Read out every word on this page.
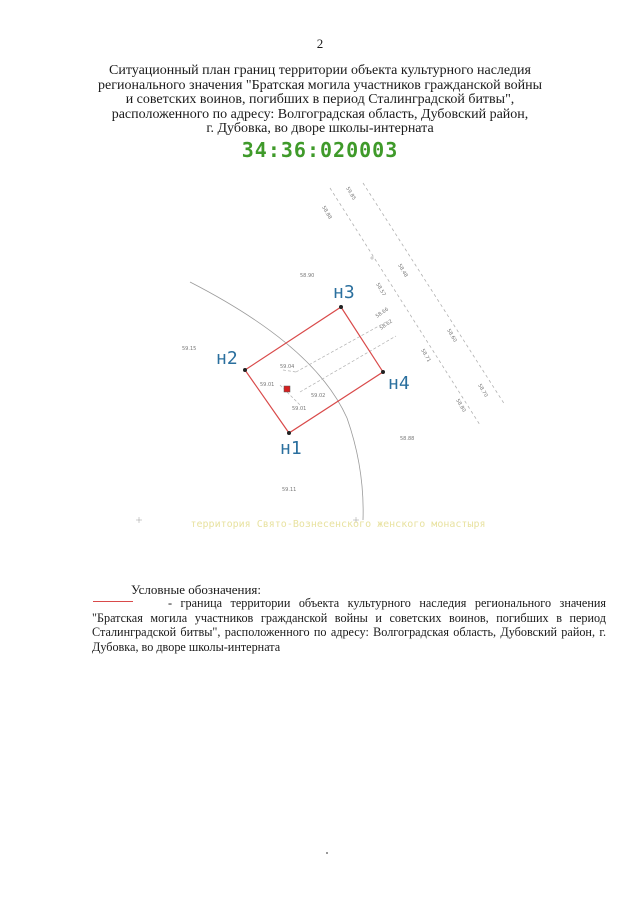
2
Ситуационный план границ территории объекта культурного наследия
регионального значения "Братская могила участников гражданской войны
и советских воинов, погибших в период Сталинградской битвы",
расположенного по адресу: Волгоградская область, Дубовский район,
г. Дубовка, во дворе школы-интерната
34:36:020003
н1
н2
н3
н4
59.85
58.88
58.48
58.90
58.57
58.66
58.62
58.60
58.71
58.70
58.80
59.15
59.04
59.01
59.02
59.01
58.88
59.11
территория Свято-Вознесенского женского монастыря
Условные обозначения:
- граница территории объекта культурного наследия регионального значения "Братская могила участников гражданской войны и советских воинов, погибших в период Сталинградской битвы", расположенного по адресу: Волгоградская область, Дубовский район, г. Дубовка, во дворе школы-интерната
